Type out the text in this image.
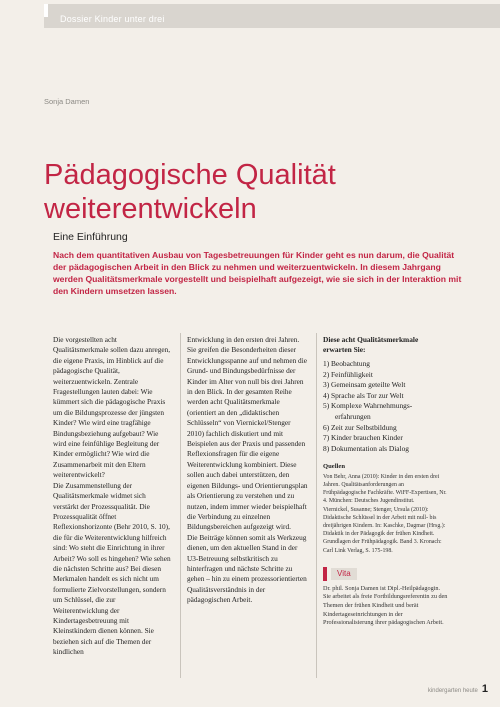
Dossier Kinder unter drei
Sonja Damen
Pädagogische Qualität
weiterentwickeln
Eine Einführung
Nach dem quantitativen Ausbau von Tagesbetreuungen für Kinder geht es nun darum, die Qualität der pädagogischen Arbeit in den Blick zu nehmen und weiterzuentwickeln. In diesem Jahrgang werden Qualitätsmerkmale vorgestellt und beispielhaft aufgezeigt, wie sie sich in der Interaktion mit den Kindern umsetzen lassen.

Die vorgestellten acht Qualitätsmerkmale sollen dazu anregen, die eigene Praxis, im Hinblick auf die pädagogische Qualität, weiterzuentwickeln. Zentrale Fragestellungen lauten dabei: Wie kümmert sich die pädagogische Praxis um die Bildungsprozesse der jüngsten Kinder? Wie wird eine tragfähige Bindungsbeziehung aufgebaut? Wie wird eine feinfühlige Begleitung der Kinder ermöglicht? Wie wird die Zusammenarbeit mit den Eltern weiterentwickelt?

Die Zusammenstellung der Qualitätsmerkmale widmet sich verstärkt der Prozessqualität. Die Prozessqualität öffnet Reflexionshorizonte (Behr 2010, S. 10), die für die Weiterentwicklung hilfreich sind: Wo steht die Einrichtung in ihrer Arbeit? Wo soll es hingehen? Wie sehen die nächsten Schritte aus? Bei diesen Merkmalen handelt es sich nicht um formulierte Zielvorstellungen, sondern um Schlüssel, die zur Weiterentwicklung der Kindertagesbetreuung mit Kleinstkindern dienen können. Sie beziehen sich auf die Themen der kindlichen

Entwicklung in den ersten drei Jahren. Sie greifen die Besonderheiten dieser Entwicklungsspanne auf und nehmen die Grund- und Bindungsbedürfnisse der Kinder im Alter von null bis drei Jahren in den Blick. In der gesamten Reihe werden acht Qualitätsmerkmale (orientiert an den „didaktischen Schlüsseln“ von Viernickel/Stenger 2010) fachlich diskutiert und mit Beispielen aus der Praxis und passenden Reflexionsfragen für die eigene Weiterentwicklung kombiniert. Diese sollen auch dabei unterstützen, den eigenen Bildungs- und Orientierungsplan als Orientierung zu verstehen und zu nutzen, indem immer wieder beispielhaft die Verbindung zu einzelnen Bildungsbereichen aufgezeigt wird.

Die Beiträge können somit als Werkzeug dienen, um den aktuellen Stand in der U3-Betreuung selbstkritisch zu hinterfragen und nächste Schritte zu gehen – hin zu einem prozessorientierten Qualitätsverständnis in der pädagogischen Arbeit.

Diese acht Qualitätsmerkmale erwarten Sie:
1) Beobachtung
2) Feinfühligkeit
3) Gemeinsam geteilte Welt
4) Sprache als Tor zur Welt
5) Komplexe Wahrnehmungs-
erfahrungen
6) Zeit zur Selbstbildung
7) Kinder brauchen Kinder
8) Dokumentation als Dialog
Quellen
Von Behr, Anna (2010): Kinder in den ersten drei Jahren. Qualitätsanforderungen an Frühpädagogische Fachkräfte. WiFF-Expertisen, Nr. 4. München: Deutsches Jugendinstitut.
Viernickel, Susanne; Stenger, Ursula (2010): Didaktische Schlüssel in der Arbeit mit null- bis dreijährigen Kindern. In: Kaschke, Dagmar (Hrsg.): Didaktik in der Pädagogik der frühen Kindheit. Grundlagen der Frühpädagogik. Band 3. Kronach: Carl Link Verlag, S. 175-198.
Vita
Dr. phil. Sonja Damen ist Dipl.-Heilpädagogin. Sie arbeitet als freie Fortbildungsreferentin zu den Themen der frühen Kindheit und berät Kindertageseinrichtungen in der Professionalisierung ihrer pädagogischen Arbeit.
kindergarten heute 1
